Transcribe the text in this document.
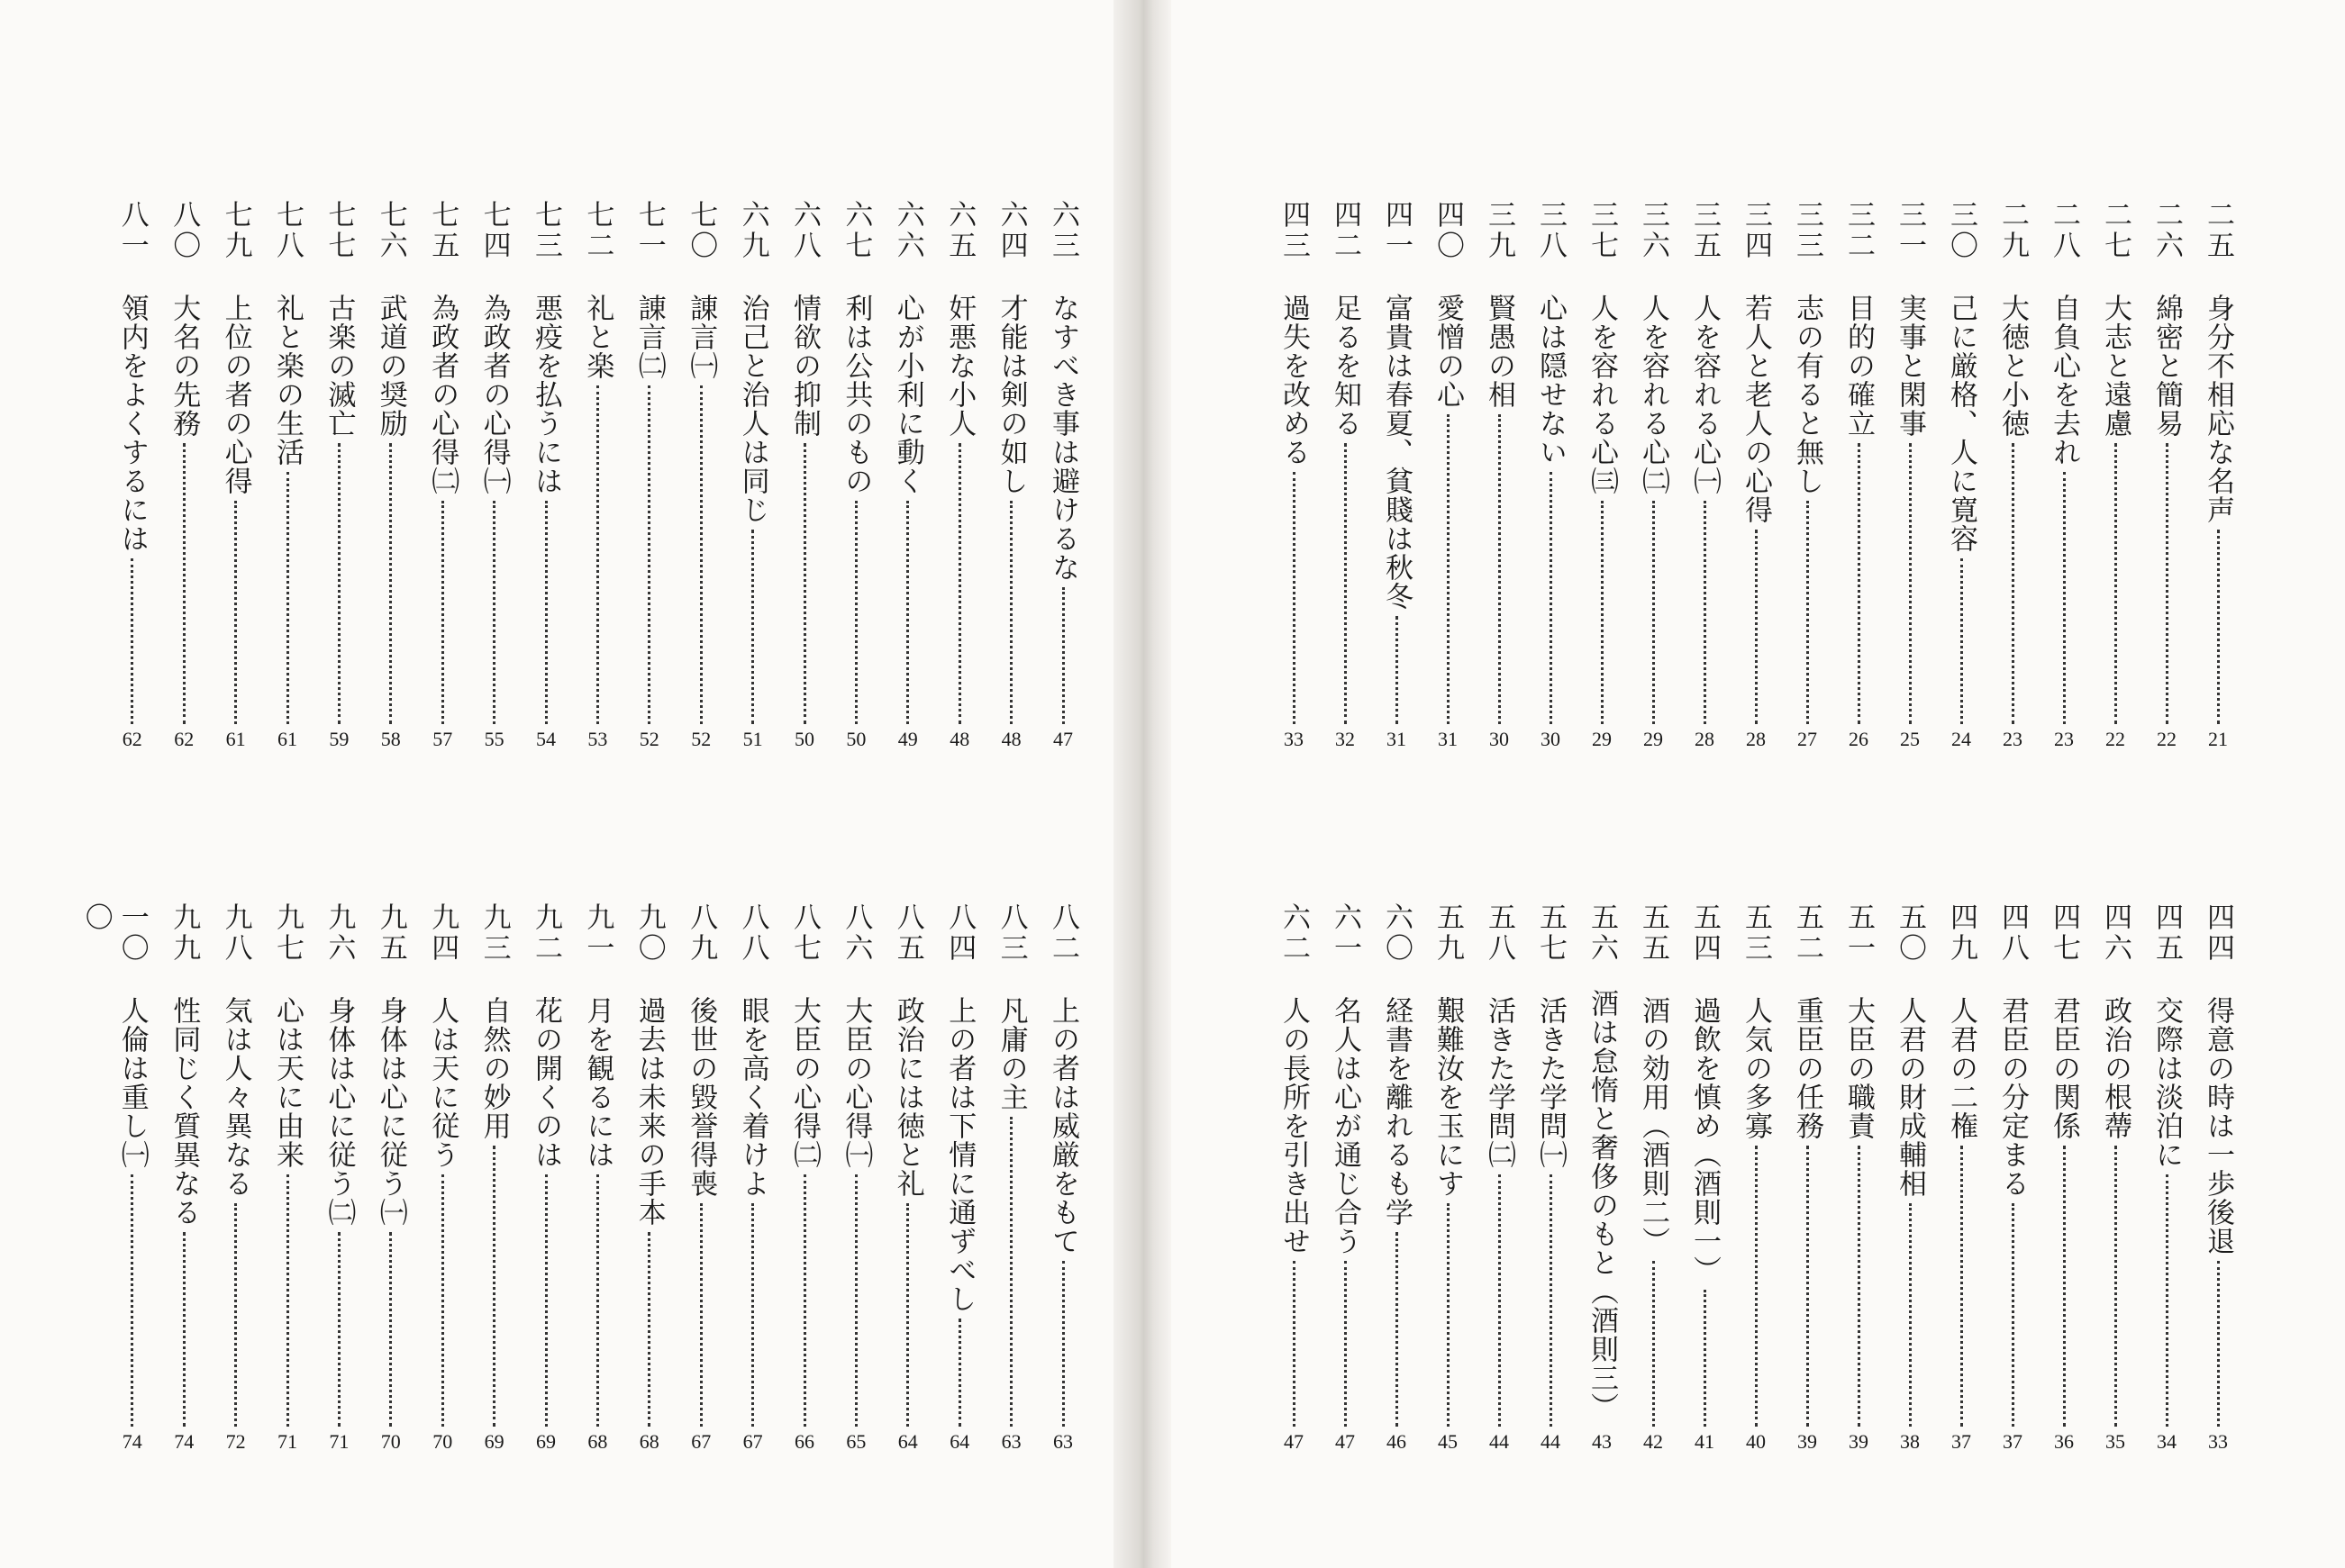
六三
なすべき事は避けるな
47
六四
才能は剣の如し
48
六五
奸悪な小人
48
六六
心が小利に動く
49
六七
利は公共のもの
50
六八
情欲の抑制
50
六九
治己と治人は同じ
51
七〇
諌言㈠
52
七一
諌言㈡
52
七二
礼と楽
53
七三
悪疫を払うには
54
七四
為政者の心得㈠
55
七五
為政者の心得㈡
57
七六
武道の奨励
58
七七
古楽の滅亡
59
七八
礼と楽の生活
61
七九
上位の者の心得
61
八〇
大名の先務
62
八一
領内をよくするには
62
八二
上の者は威厳をもて
63
八三
凡庸の主
63
八四
上の者は下情に通ずべし
64
八五
政治には徳と礼
64
八六
大臣の心得㈠
65
八七
大臣の心得㈡
66
八八
眼を高く着けよ
67
八九
後世の毀誉得喪
67
九〇
過去は未来の手本
68
九一
月を観るには
68
九二
花の開くのは
69
九三
自然の妙用
69
九四
人は天に従う
70
九五
身体は心に従う㈠
70
九六
身体は心に従う㈡
71
九七
心は天に由来
71
九八
気は人々異なる
72
九九
性同じく質異なる
74
一〇〇
人倫は重し㈠
74
二五
身分不相応な名声
21
二六
綿密と簡易
22
二七
大志と遠慮
22
二八
自負心を去れ
23
二九
大徳と小徳
23
三〇
己に厳格、人に寛容
24
三一
実事と閑事
25
三二
目的の確立
26
三三
志の有ると無し
27
三四
若人と老人の心得
28
三五
人を容れる心㈠
28
三六
人を容れる心㈡
29
三七
人を容れる心㈢
29
三八
心は隠せない
30
三九
賢愚の相
30
四〇
愛憎の心
31
四一
富貴は春夏、貧賤は秋冬
31
四二
足るを知る
32
四三
過失を改める
33
四四
得意の時は一歩後退
33
四五
交際は淡泊に
34
四六
政治の根蔕
35
四七
君臣の関係
36
四八
君臣の分定まる
37
四九
人君の二権
37
五〇
人君の財成輔相
38
五一
大臣の職責
39
五二
重臣の任務
39
五三
人気の多寡
40
五四
過飲を慎め（酒則一）
41
五五
酒の効用（酒則二）
42
五六
酒は怠惰と奢侈のもと（酒則三）
43
五七
活きた学問㈠
44
五八
活きた学問㈡
44
五九
艱難汝を玉にす
45
六〇
経書を離れるも学
46
六一
名人は心が通じ合う
47
六二
人の長所を引き出せ
47
